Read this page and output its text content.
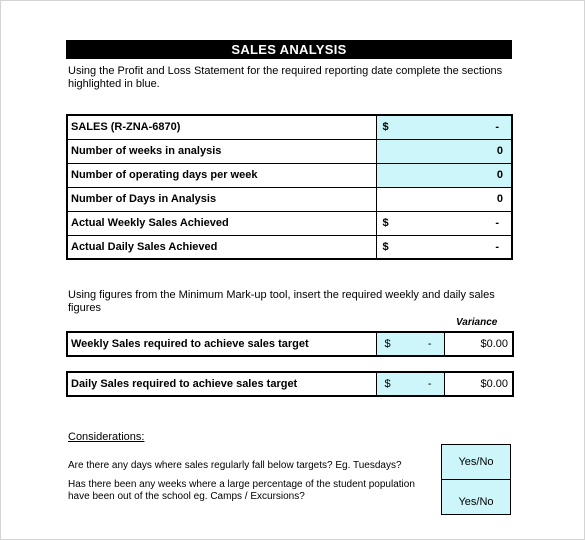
SALES ANALYSIS
Using the Profit and Loss Statement for the required reporting date complete the sections highlighted in blue.
SALES (R-ZNA-6870)	$ -

Number of weeks in analysis	0
Number of operating days per week	0
Number of Days in Analysis	0
Actual Weekly Sales Achieved	$ -

Actual Daily Sales Achieved	$ -
Using figures from the Minimum Mark-up tool, insert the required weekly and daily sales figures
Variance
Weekly Sales required to achieve sales target	$	-	$0.00
Daily Sales required to achieve sales target	$	-	$0.00
Considerations:
Are there any days where sales regularly fall below targets? Eg. Tuesdays?
Has there been any weeks where a large percentage of the student population have been out of the school eg. Camps / Excursions?
Yes/No
Yes/No
